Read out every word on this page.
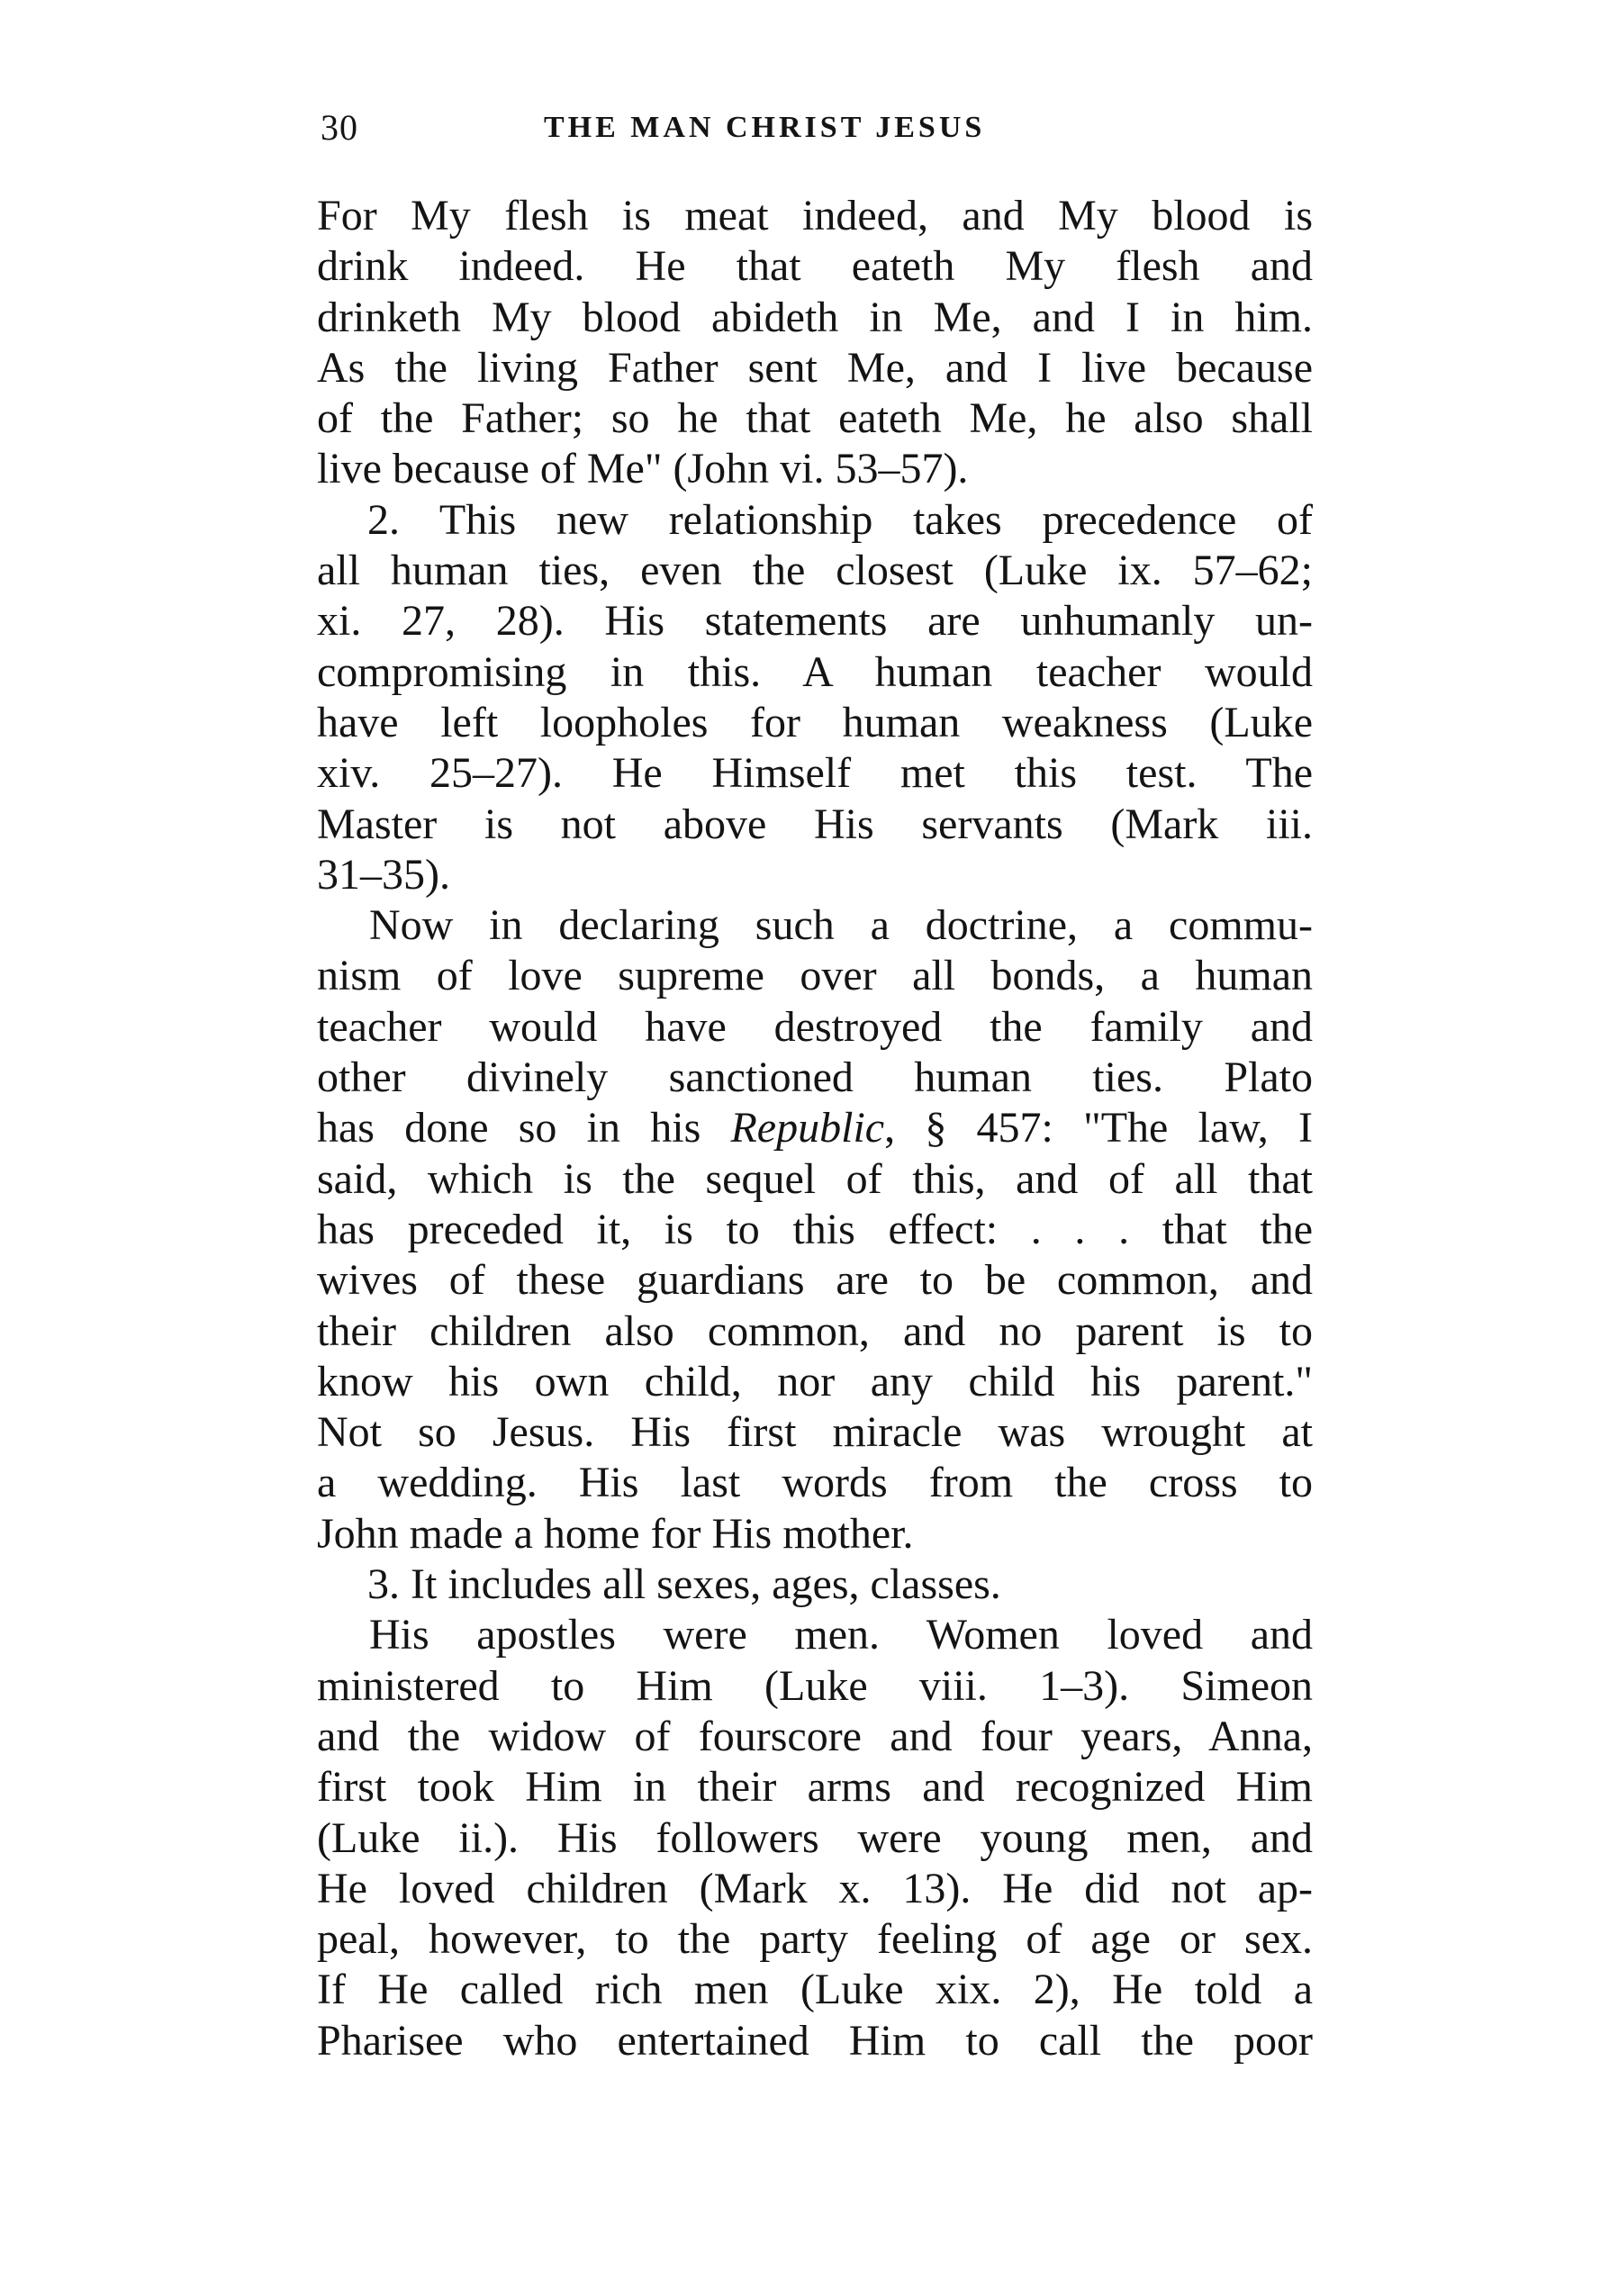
30	THE MAN CHRIST JESUS
For My flesh is meat indeed, and My blood is
drink indeed. He that eateth My flesh and
drinketh My blood abideth in Me, and I in him.
As the living Father sent Me, and I live because
of the Father; so he that eateth Me, he also shall
live because of Me" (John vi. 53–57).
2. This new relationship takes precedence of
all human ties, even the closest (Luke ix. 57–62;
xi. 27, 28). His statements are unhumanly un-
compromising in this. A human teacher would
have left loopholes for human weakness (Luke
xiv. 25–27). He Himself met this test. The
Master is not above His servants (Mark iii.
31–35).
Now in declaring such a doctrine, a commu-
nism of love supreme over all bonds, a human
teacher would have destroyed the family and
other divinely sanctioned human ties. Plato
has done so in his Republic, § 457: "The law, I
said, which is the sequel of this, and of all that
has preceded it, is to this effect: . . . that the
wives of these guardians are to be common, and
their children also common, and no parent is to
know his own child, nor any child his parent."
Not so Jesus. His first miracle was wrought at
a wedding. His last words from the cross to
John made a home for His mother.
3. It includes all sexes, ages, classes.
His apostles were men. Women loved and
ministered to Him (Luke viii. 1–3). Simeon
and the widow of fourscore and four years, Anna,
first took Him in their arms and recognized Him
(Luke ii.). His followers were young men, and
He loved children (Mark x. 13). He did not ap-
peal, however, to the party feeling of age or sex.
If He called rich men (Luke xix. 2), He told a
Pharisee who entertained Him to call the poor
